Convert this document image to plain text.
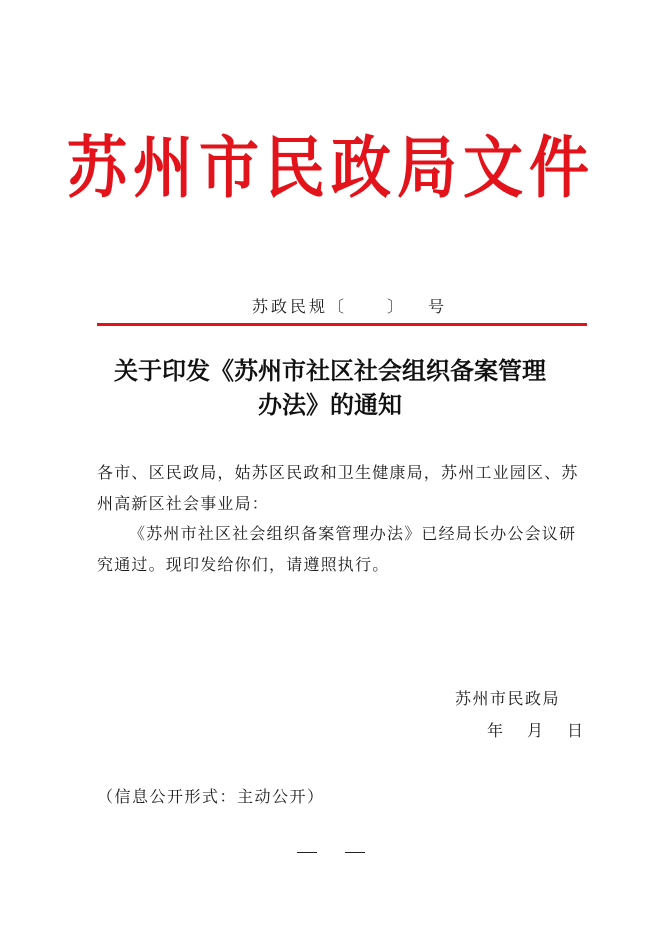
苏州市民政局文件
苏政民规〔	〕 号
关于印发《苏州市社区社会组织备案管理
办法》的通知
各市、区民政局，姑苏区民政和卫生健康局，苏州工业园区、苏州高新区社会事业局：
《苏州市社区社会组织备案管理办法》已经局长办公会议研究通过。现印发给你们，请遵照执行。
苏州市民政局
年 月 日
（信息公开形式：主动公开）
